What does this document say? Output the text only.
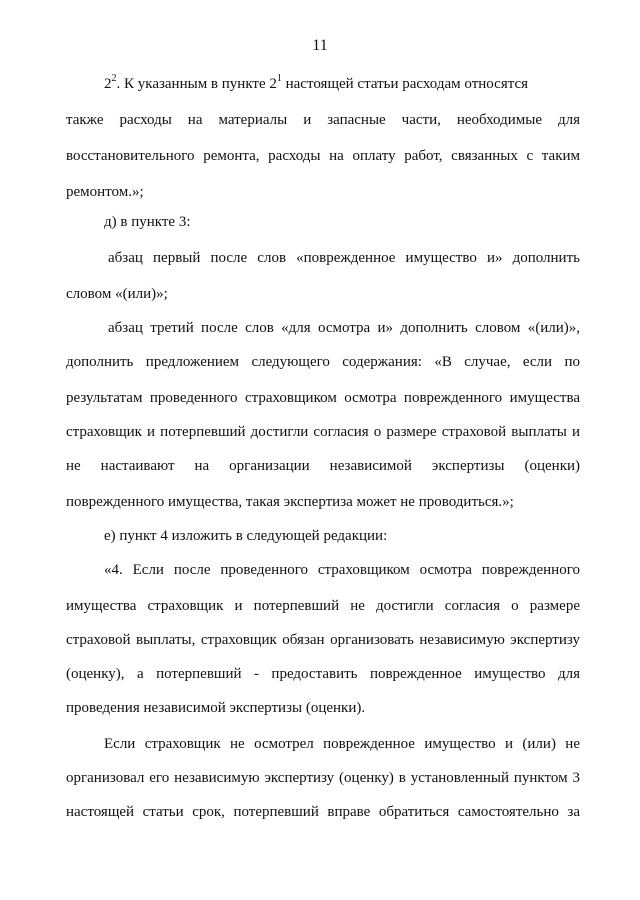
11
$2^2$. К указанным в пункте $2^1$ настоящей статьи расходам относятся
также расходы на материалы и запасные части, необходимые для
восстановительного ремонта, расходы на оплату работ, связанных с таким
ремонтом.»;
д) в пункте 3:
абзац первый после слов «поврежденное имущество и» дополнить
словом «(или)»;
абзац третий после слов «для осмотра и» дополнить словом «(или)»,
дополнить предложением следующего содержания: «В случае, если по
результатам проведенного страховщиком осмотра поврежденного имущества
страховщик и потерпевший достигли согласия о размере страховой выплаты и
не настаивают на организации независимой экспертизы (оценки)
поврежденного имущества, такая экспертиза может не проводиться.»;
е) пункт 4 изложить в следующей редакции:
«4. Если после проведенного страховщиком осмотра поврежденного
имущества страховщик и потерпевший не достигли согласия о размере
страховой выплаты, страховщик обязан организовать независимую экспертизу
(оценку), а потерпевший - предоставить поврежденное имущество для
проведения независимой экспертизы (оценки).
Если страховщик не осмотрел поврежденное имущество и (или) не
организовал его независимую экспертизу (оценку) в установленный пунктом 3
настоящей статьи срок, потерпевший вправе обратиться самостоятельно за
